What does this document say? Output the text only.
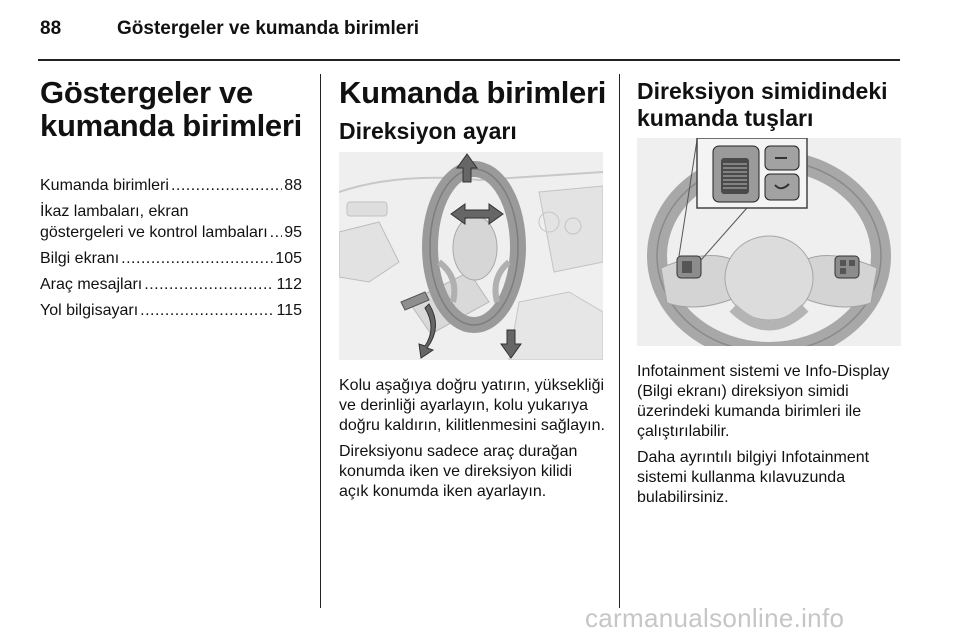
88	Göstergeler ve kumanda birimleri
Göstergeler ve
kumanda birimleri
Kumanda birimleri .....	88
İkaz lambaları, ekran
göstergeleri ve kontrol lambaları ..... 95
Bilgi ekranı .....	105
Araç mesajları .....	112
Yol bilgisayarı .....	115
Kumanda birimleri
Direksiyon ayarı

Kolu aşağıya doğru yatırın, yüksekliği ve derinliği ayarlayın, kolu yukarıya doğru kaldırın, kilitlenmesini sağlayın.

Direksiyonu sadece araç durağan konumda iken ve direksiyon kilidi açık konumda iken ayarlayın.

Direksiyon simidindeki
kumanda tuşları

Infotainment sistemi ve Info-Display (Bilgi ekranı) direksiyon simidi üzerindeki kumanda birimleri ile çalıştırılabilir.

Daha ayrıntılı bilgiyi Infotainment sistemi kullanma kılavuzunda bulabilirsiniz.

carmanualsonline.info
